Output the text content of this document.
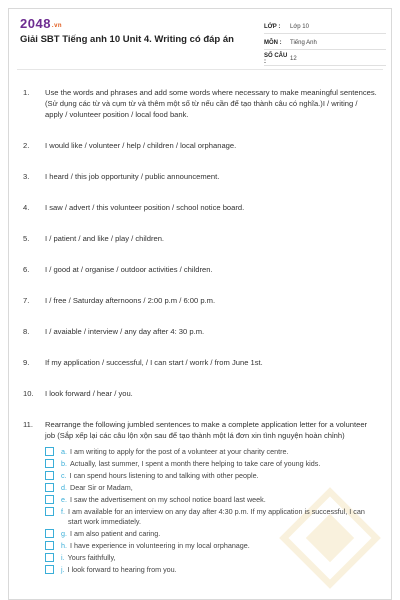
2048.vn
Giải SBT Tiếng anh 10 Unit 4. Writing có đáp án
LỚP :	Lớp 10
MÔN :	Tiếng Anh
SỐ CÂU :	12
1.	Use the words and phrases and add some words where necessary to make meaningful sentences. (Sử dụng các từ và cụm từ và thêm một số từ nếu cần để tạo thành câu có nghĩa.)I / writing / apply / volunteer position / local food bank.
2.	I would like / volunteer / help / children / local orphanage.
3.	I heard / this job opportunity / public announcement.
4.	I saw / advert / this volunteer position / school notice board.
5.	I / patient / and like / play / children.
6.	I / good at / organise / outdoor activities / children.
7.	I / free / Saturday afternoons / 2:00 p.m / 6:00 p.m.
8.	I / avaiable / interview / any day after 4: 30 p.m.
9.	If my application / successful, / I can start / worrk / from June 1st.
10.	I look forward / hear / you.
11.	Rearrange the following jumbled sentences to make a complete application letter for a volunteer job (Sắp xếp lại các câu lộn xộn sau để tạo thành một lá đơn xin tình nguyện hoàn chỉnh)
a. I am writing to apply for the post of a volunteer at your charity centre.
b. Actually, last summer, I spent a month there helping to take care of young kids.
c. I can spend hours listening to and talking with other people.
d. Dear Sir or Madam,
e. I saw the advertisement on my school notice board last week.
f. I am available for an interview on any day after 4:30 p.m. If my application is successful, I can start work immediately.
g. I am also patient and caring.
h. I have experience in volunteering in my local orphanage.
i. Yours faithfully,
j. I look forward to hearing from you.
